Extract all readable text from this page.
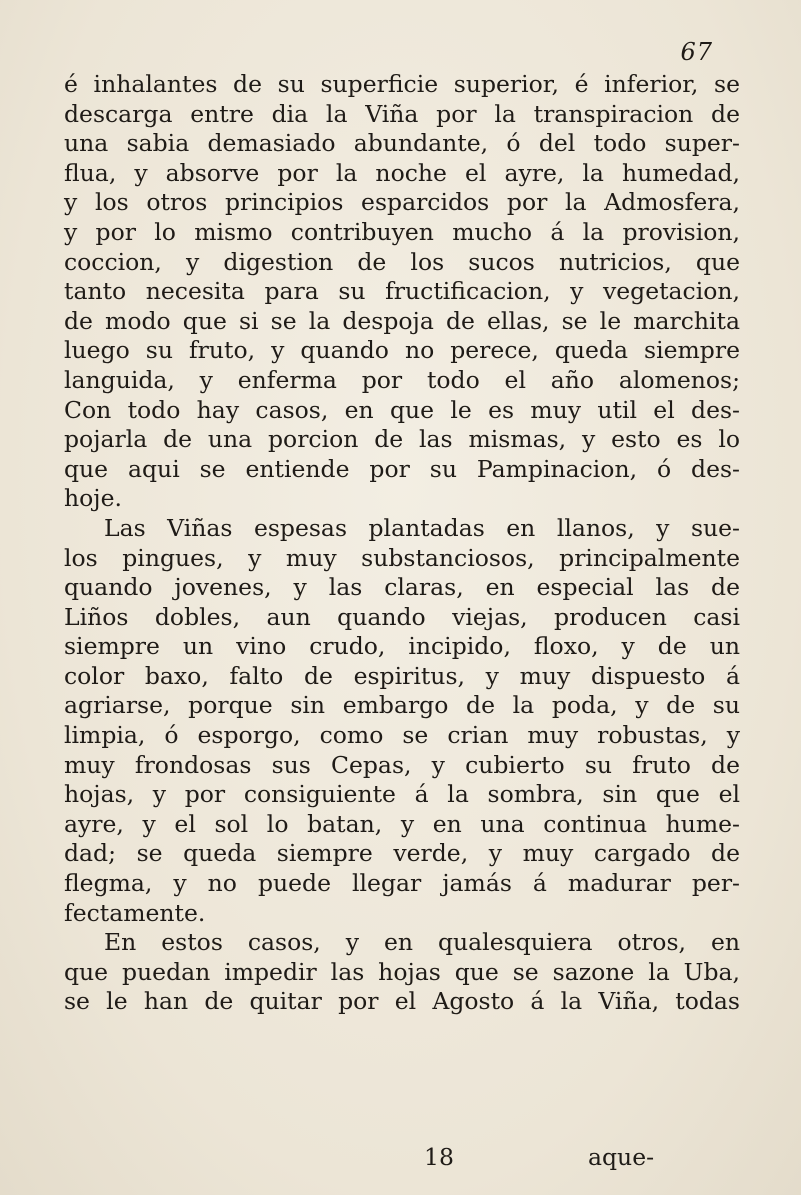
67
é inhalantes de su superficie superior, é inferior, se
descarga entre dia la Viña por la transpiracion de
una sabia demasiado abundante, ó del todo super-
flua, y absorve por la noche el ayre, la humedad,
y los otros principios esparcidos por la Admosfera,
y por lo mismo contribuyen mucho á la provision,
coccion, y digestion de los sucos nutricios, que
tanto necesita para su fructificacion, y vegetacion,
de modo que si se la despoja de ellas, se le marchita
luego su fruto, y quando no perece, queda siempre
languida, y enferma por todo el año alomenos;
Con todo hay casos, en que le es muy util el des-
pojarla de una porcion de las mismas, y esto es lo
que aqui se entiende por su Pampinacion, ó des-
hoje.
Las Viñas espesas plantadas en llanos, y sue-
los pingues, y muy substanciosos, principalmente
quando jovenes, y las claras, en especial las de
Liños dobles, aun quando viejas, producen casi
siempre un vino crudo, incipido, floxo, y de un
color baxo, falto de espiritus, y muy dispuesto á
agriarse, porque sin embargo de la poda, y de su
limpia, ó esporgo, como se crian muy robustas, y
muy frondosas sus Cepas, y cubierto su fruto de
hojas, y por consiguiente á la sombra, sin que el
ayre, y el sol lo batan, y en una continua hume-
dad; se queda siempre verde, y muy cargado de
flegma, y no puede llegar jamás á madurar per-
fectamente.
En estos casos, y en qualesquiera otros, en
que puedan impedir las hojas que se sazone la Uba,
se le han de quitar por el Agosto á la Viña, todas
18	aque-
